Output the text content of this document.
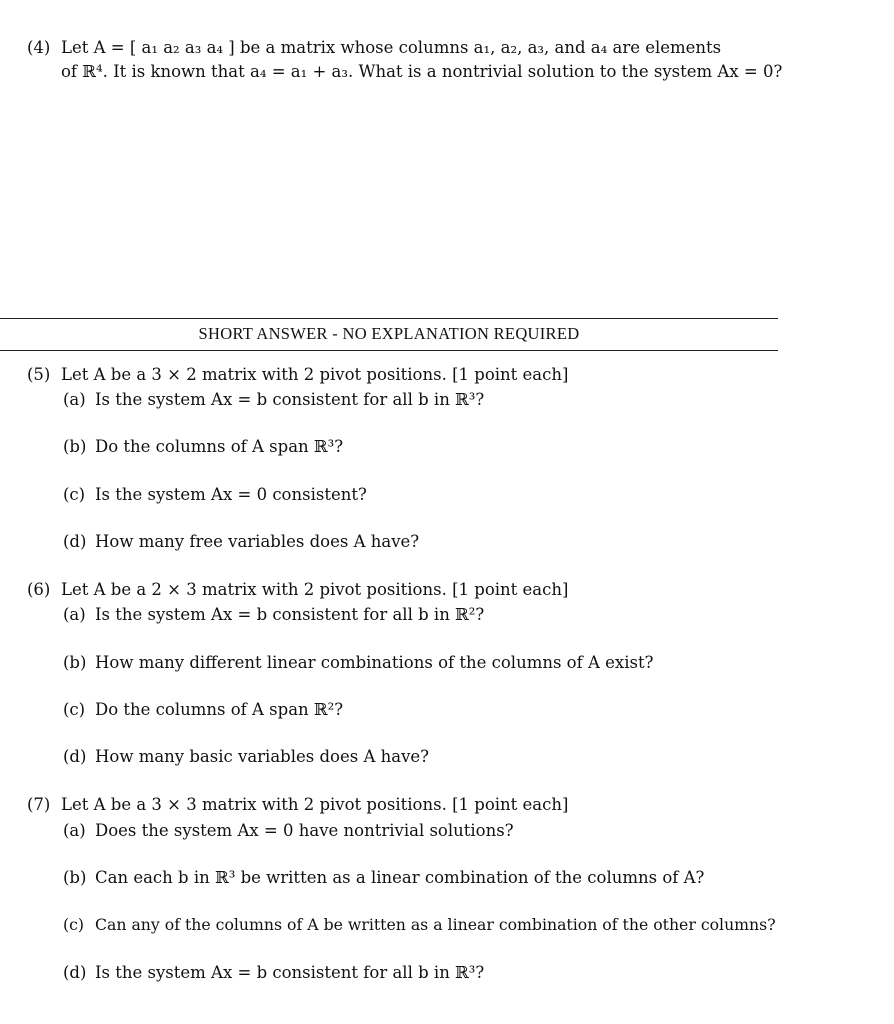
(4) Let A = [ a₁ a₂ a₃ a₄ ] be a matrix whose columns a₁, a₂, a₃, and a₄ are elements
of ℝ⁴. It is known that a₄ = a₁ + a₃. What is a nontrivial solution to the system Ax = 0?
SHORT ANSWER - NO EXPLANATION REQUIRED
(5) Let A be a 3 × 2 matrix with 2 pivot positions. [1 point each]
(a) Is the system Ax = b consistent for all b in ℝ³?
(b) Do the columns of A span ℝ³?
(c) Is the system Ax = 0 consistent?
(d) How many free variables does A have?
(6) Let A be a 2 × 3 matrix with 2 pivot positions. [1 point each]
(a) Is the system Ax = b consistent for all b in ℝ²?
(b) How many different linear combinations of the columns of A exist?
(c) Do the columns of A span ℝ²?
(d) How many basic variables does A have?
(7) Let A be a 3 × 3 matrix with 2 pivot positions. [1 point each]
(a) Does the system Ax = 0 have nontrivial solutions?
(b) Can each b in ℝ³ be written as a linear combination of the columns of A?
(c) Can any of the columns of A be written as a linear combination of the other columns?
(d) Is the system Ax = b consistent for all b in ℝ³?
